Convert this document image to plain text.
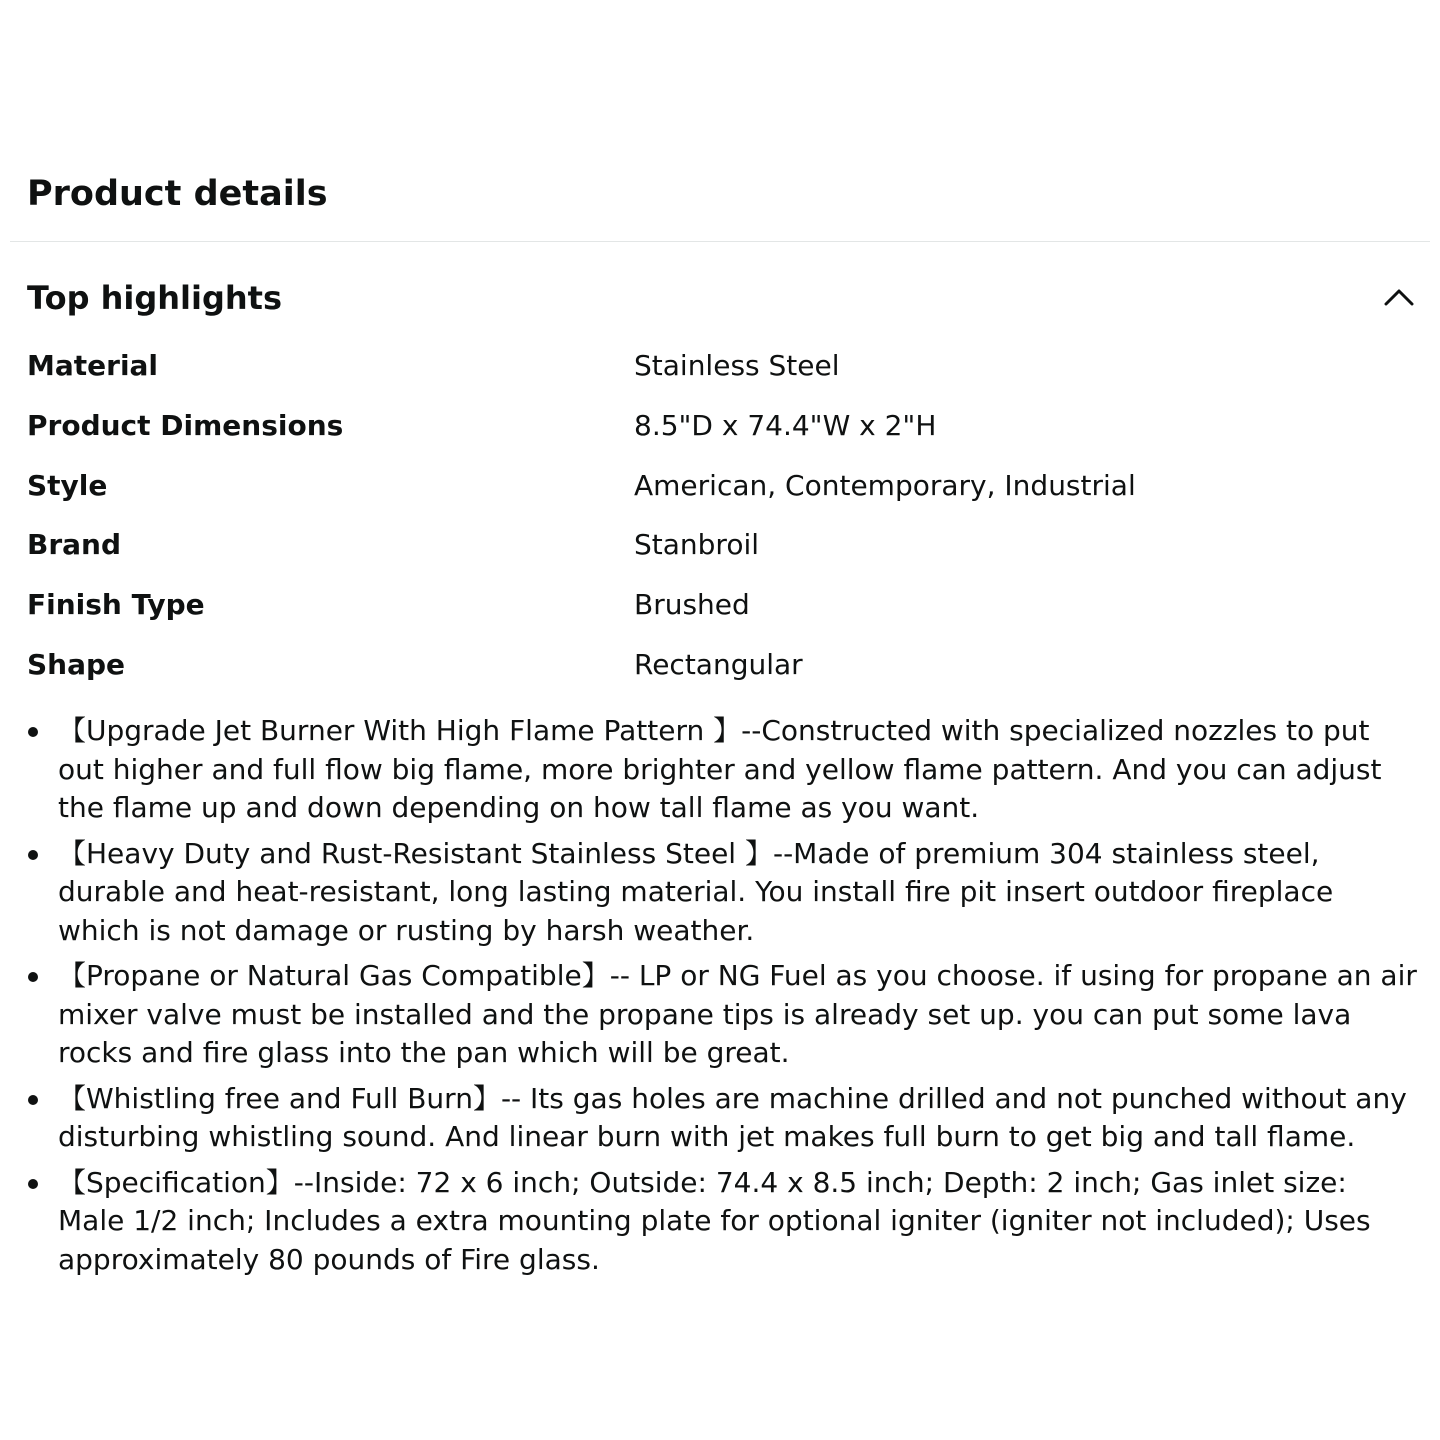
Product details
Top highlights
Material	Stainless Steel
Product Dimensions	8.5"D x 74.4"W x 2"H
Style	American, Contemporary, Industrial
Brand	Stanbroil
Finish Type	Brushed
Shape	Rectangular
【Upgrade Jet Burner With High Flame Pattern 】--Constructed with specialized nozzles to put out higher and full flow big flame, more brighter and yellow flame pattern. And you can adjust the flame up and down depending on how tall flame as you want.
【Heavy Duty and Rust-Resistant Stainless Steel 】--Made of premium 304 stainless steel, durable and heat-resistant, long lasting material. You install fire pit insert outdoor fireplace which is not damage or rusting by harsh weather.
【Propane or Natural Gas Compatible】-- LP or NG Fuel as you choose. if using for propane an air mixer valve must be installed and the propane tips is already set up. you can put some lava rocks and fire glass into the pan which will be great.
【Whistling free and Full Burn】-- Its gas holes are machine drilled and not punched without any disturbing whistling sound. And linear burn with jet makes full burn to get big and tall flame.
【Specification】--Inside: 72 x 6 inch; Outside: 74.4 x 8.5 inch; Depth: 2 inch; Gas inlet size: Male 1/2 inch; Includes a extra mounting plate for optional igniter (igniter not included); Uses approximately 80 pounds of Fire glass.
